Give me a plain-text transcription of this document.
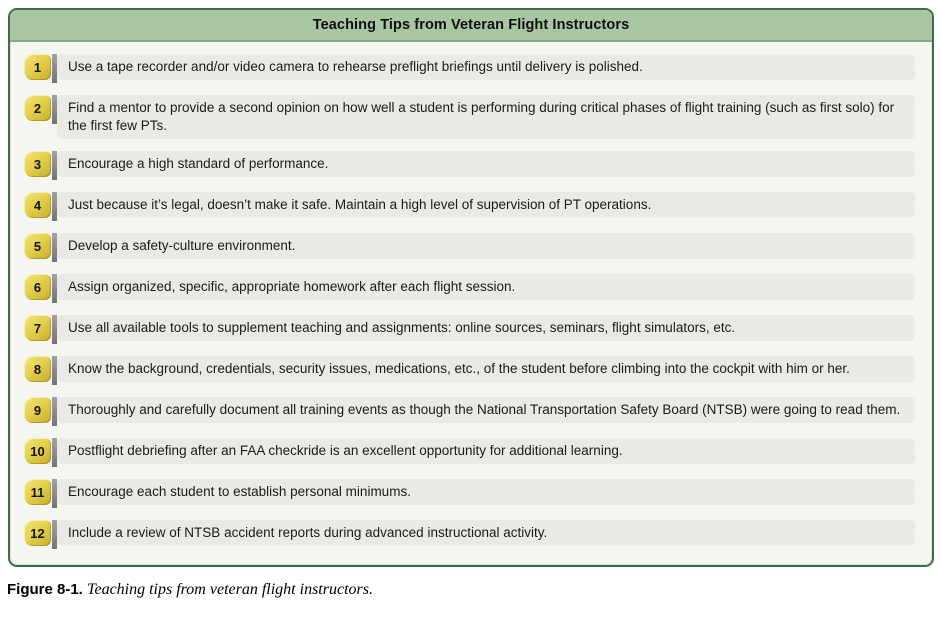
Teaching Tips from Veteran Flight Instructors
1	Use a tape recorder and/or video camera to rehearse preflight briefings until delivery is polished.
2	Find a mentor to provide a second opinion on how well a student is performing during critical phases of flight training (such as first solo) for the first few PTs.
3	Encourage a high standard of performance.
4	Just because it’s legal, doesn’t make it safe. Maintain a high level of supervision of PT operations.
5	Develop a safety-culture environment.
6	Assign organized, specific, appropriate homework after each flight session.
7	Use all available tools to supplement teaching and assignments: online sources, seminars, flight simulators, etc.
8	Know the background, credentials, security issues, medications, etc., of the student before climbing into the cockpit with him or her.
9	Thoroughly and carefully document all training events as though the National Transportation Safety Board (NTSB) were going to read them.
10	Postflight debriefing after an FAA checkride is an excellent opportunity for additional learning.
11	Encourage each student to establish personal minimums.
12	Include a review of NTSB accident reports during advanced instructional activity.
Figure 8-1. Teaching tips from veteran flight instructors.
